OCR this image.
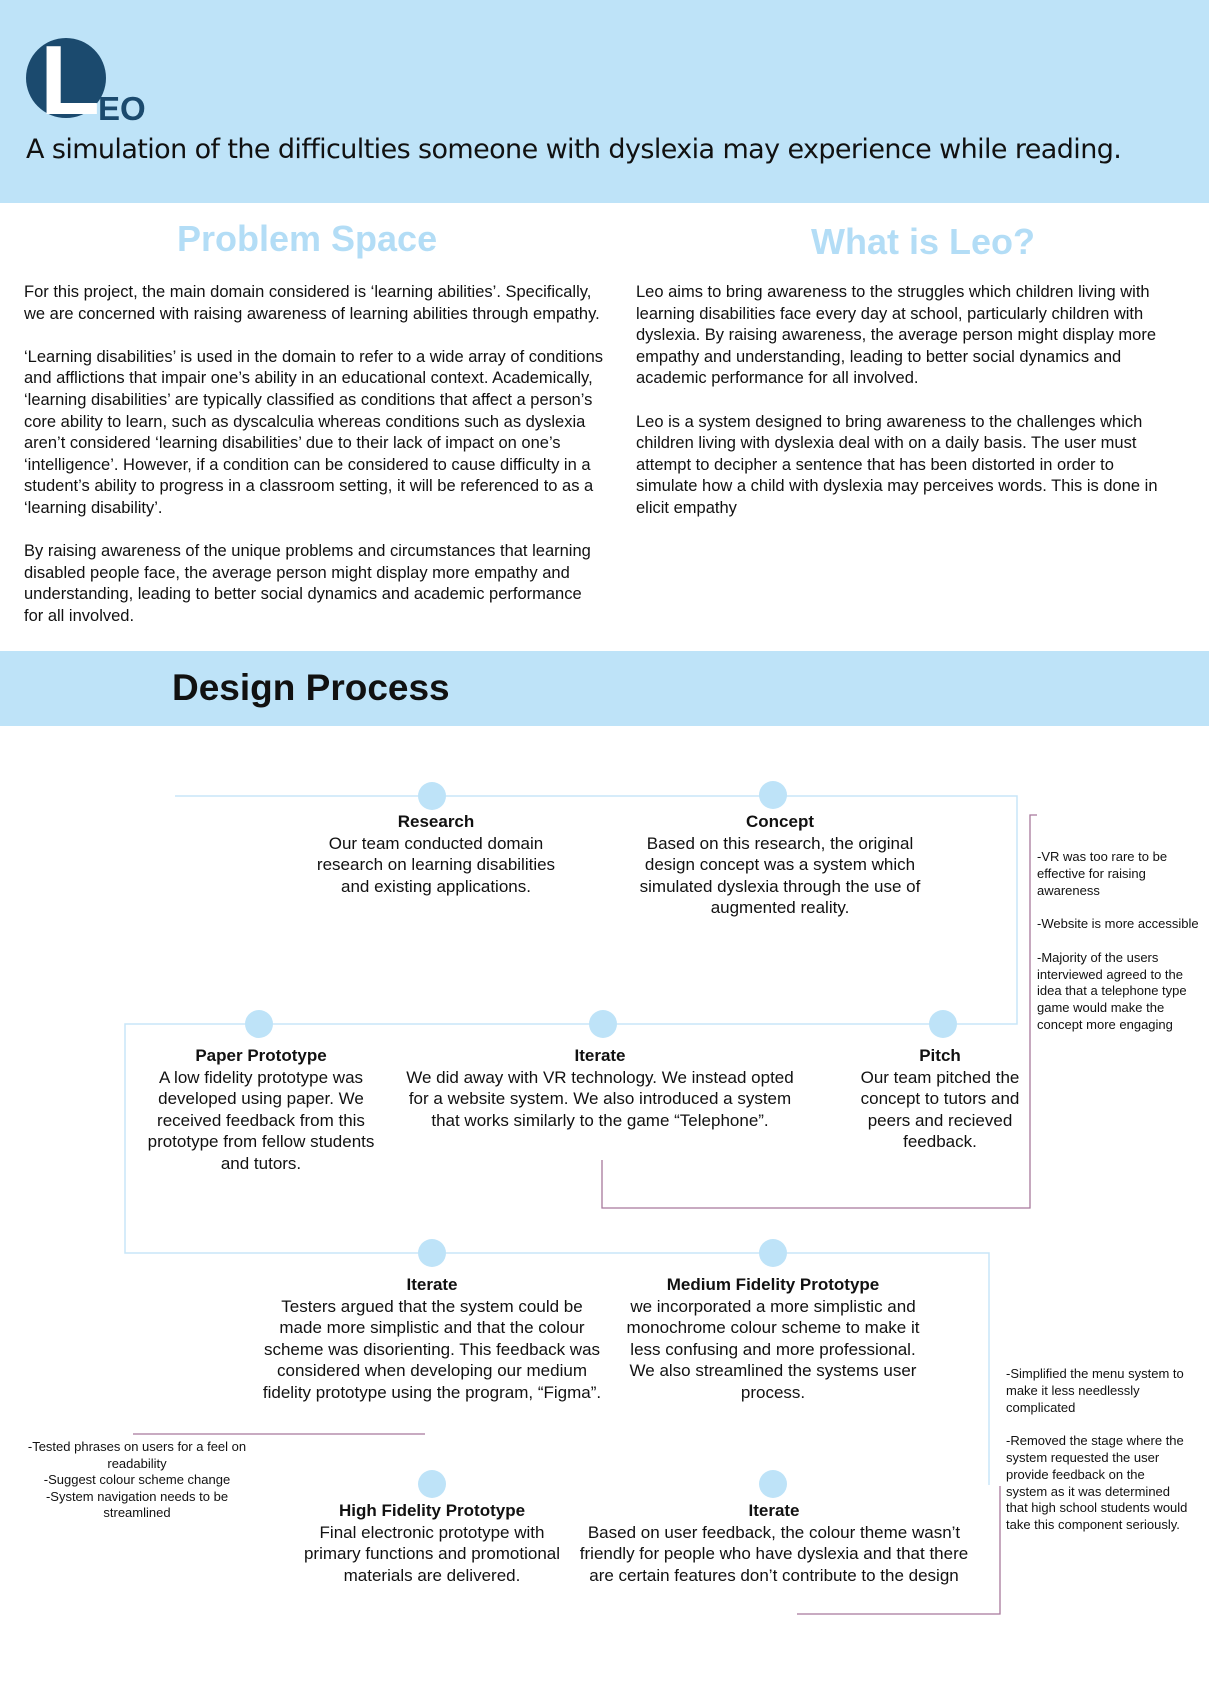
L
EO
A simulation of the difficulties someone with dyslexia may experience while reading.
Problem Space

For this project, the main domain considered is ‘learning abilities’. Specifically, we are concerned with raising awareness of learning abilities through empathy.

‘Learning disabilities’ is used in the domain to refer to a wide array of conditions and afflictions that impair one’s ability in an educational context. Academically, ‘learning disabilities’ are typically classified as conditions that affect a person’s core ability to learn, such as dyscalculia whereas conditions such as dyslexia aren’t considered ‘learning disabilities’ due to their lack of impact on one’s ‘intelligence’. However, if a condition can be considered to cause difficulty in a student’s ability to progress in a classroom setting, it will be referenced to as a ‘learning disability’.

By raising awareness of the unique problems and circumstances that learning disabled people face, the average person might display more empathy and understanding, leading to better social dynamics and academic performance for all involved.

What is Leo?

Leo aims to bring awareness to the struggles which children living with learning disabilities face every day at school, particularly children with dyslexia. By raising awareness, the average person might display more empathy and understanding, leading to better social dynamics and academic performance for all involved.

Leo is a system designed to bring awareness to the challenges which children living with dyslexia deal with on a daily basis. The user must attempt to decipher a sentence that has been distorted in order to simulate how a child with dyslexia may perceives words. This is done in elicit empathy

Design Process
Research
Our team conducted domain research on learning disabilities and existing applications.
Concept
Based on this research, the original design concept was a system which simulated dyslexia through the use of augmented reality.
Paper Prototype
A low fidelity prototype was developed using paper. We received feedback from this prototype from fellow students and tutors.
Iterate
We did away with VR technology. We instead opted for a website system. We also introduced a system that works similarly to the game “Telephone”.
Pitch
Our team pitched the concept to tutors and peers and recieved feedback.
Iterate
Testers argued that the system could be made more simplistic and that the colour scheme was disorienting. This feedback was considered when developing our medium fidelity prototype using the program, “Figma”.
Medium Fidelity Prototype
we incorporated a more simplistic and monochrome colour scheme to make it less confusing and more professional. We also streamlined the systems user process.
High Fidelity Prototype
Final electronic prototype with primary functions and promotional materials are delivered.
Iterate
Based on user feedback, the colour theme wasn’t friendly for people who have dyslexia and that there are certain features don’t contribute to the design

-VR was too rare to be effective for raising awareness

-Website is more accessible

-Majority of the users interviewed agreed to the idea that a telephone type game would make the concept more engaging

-Simplified the menu system to make it less needlessly complicated

-Removed the stage where the system requested the user provide feedback on the system as it was determined that high school students would take this component seriously.

-Tested phrases on users for a feel on readability
-Suggest colour scheme change
-System navigation needs to be streamlined
